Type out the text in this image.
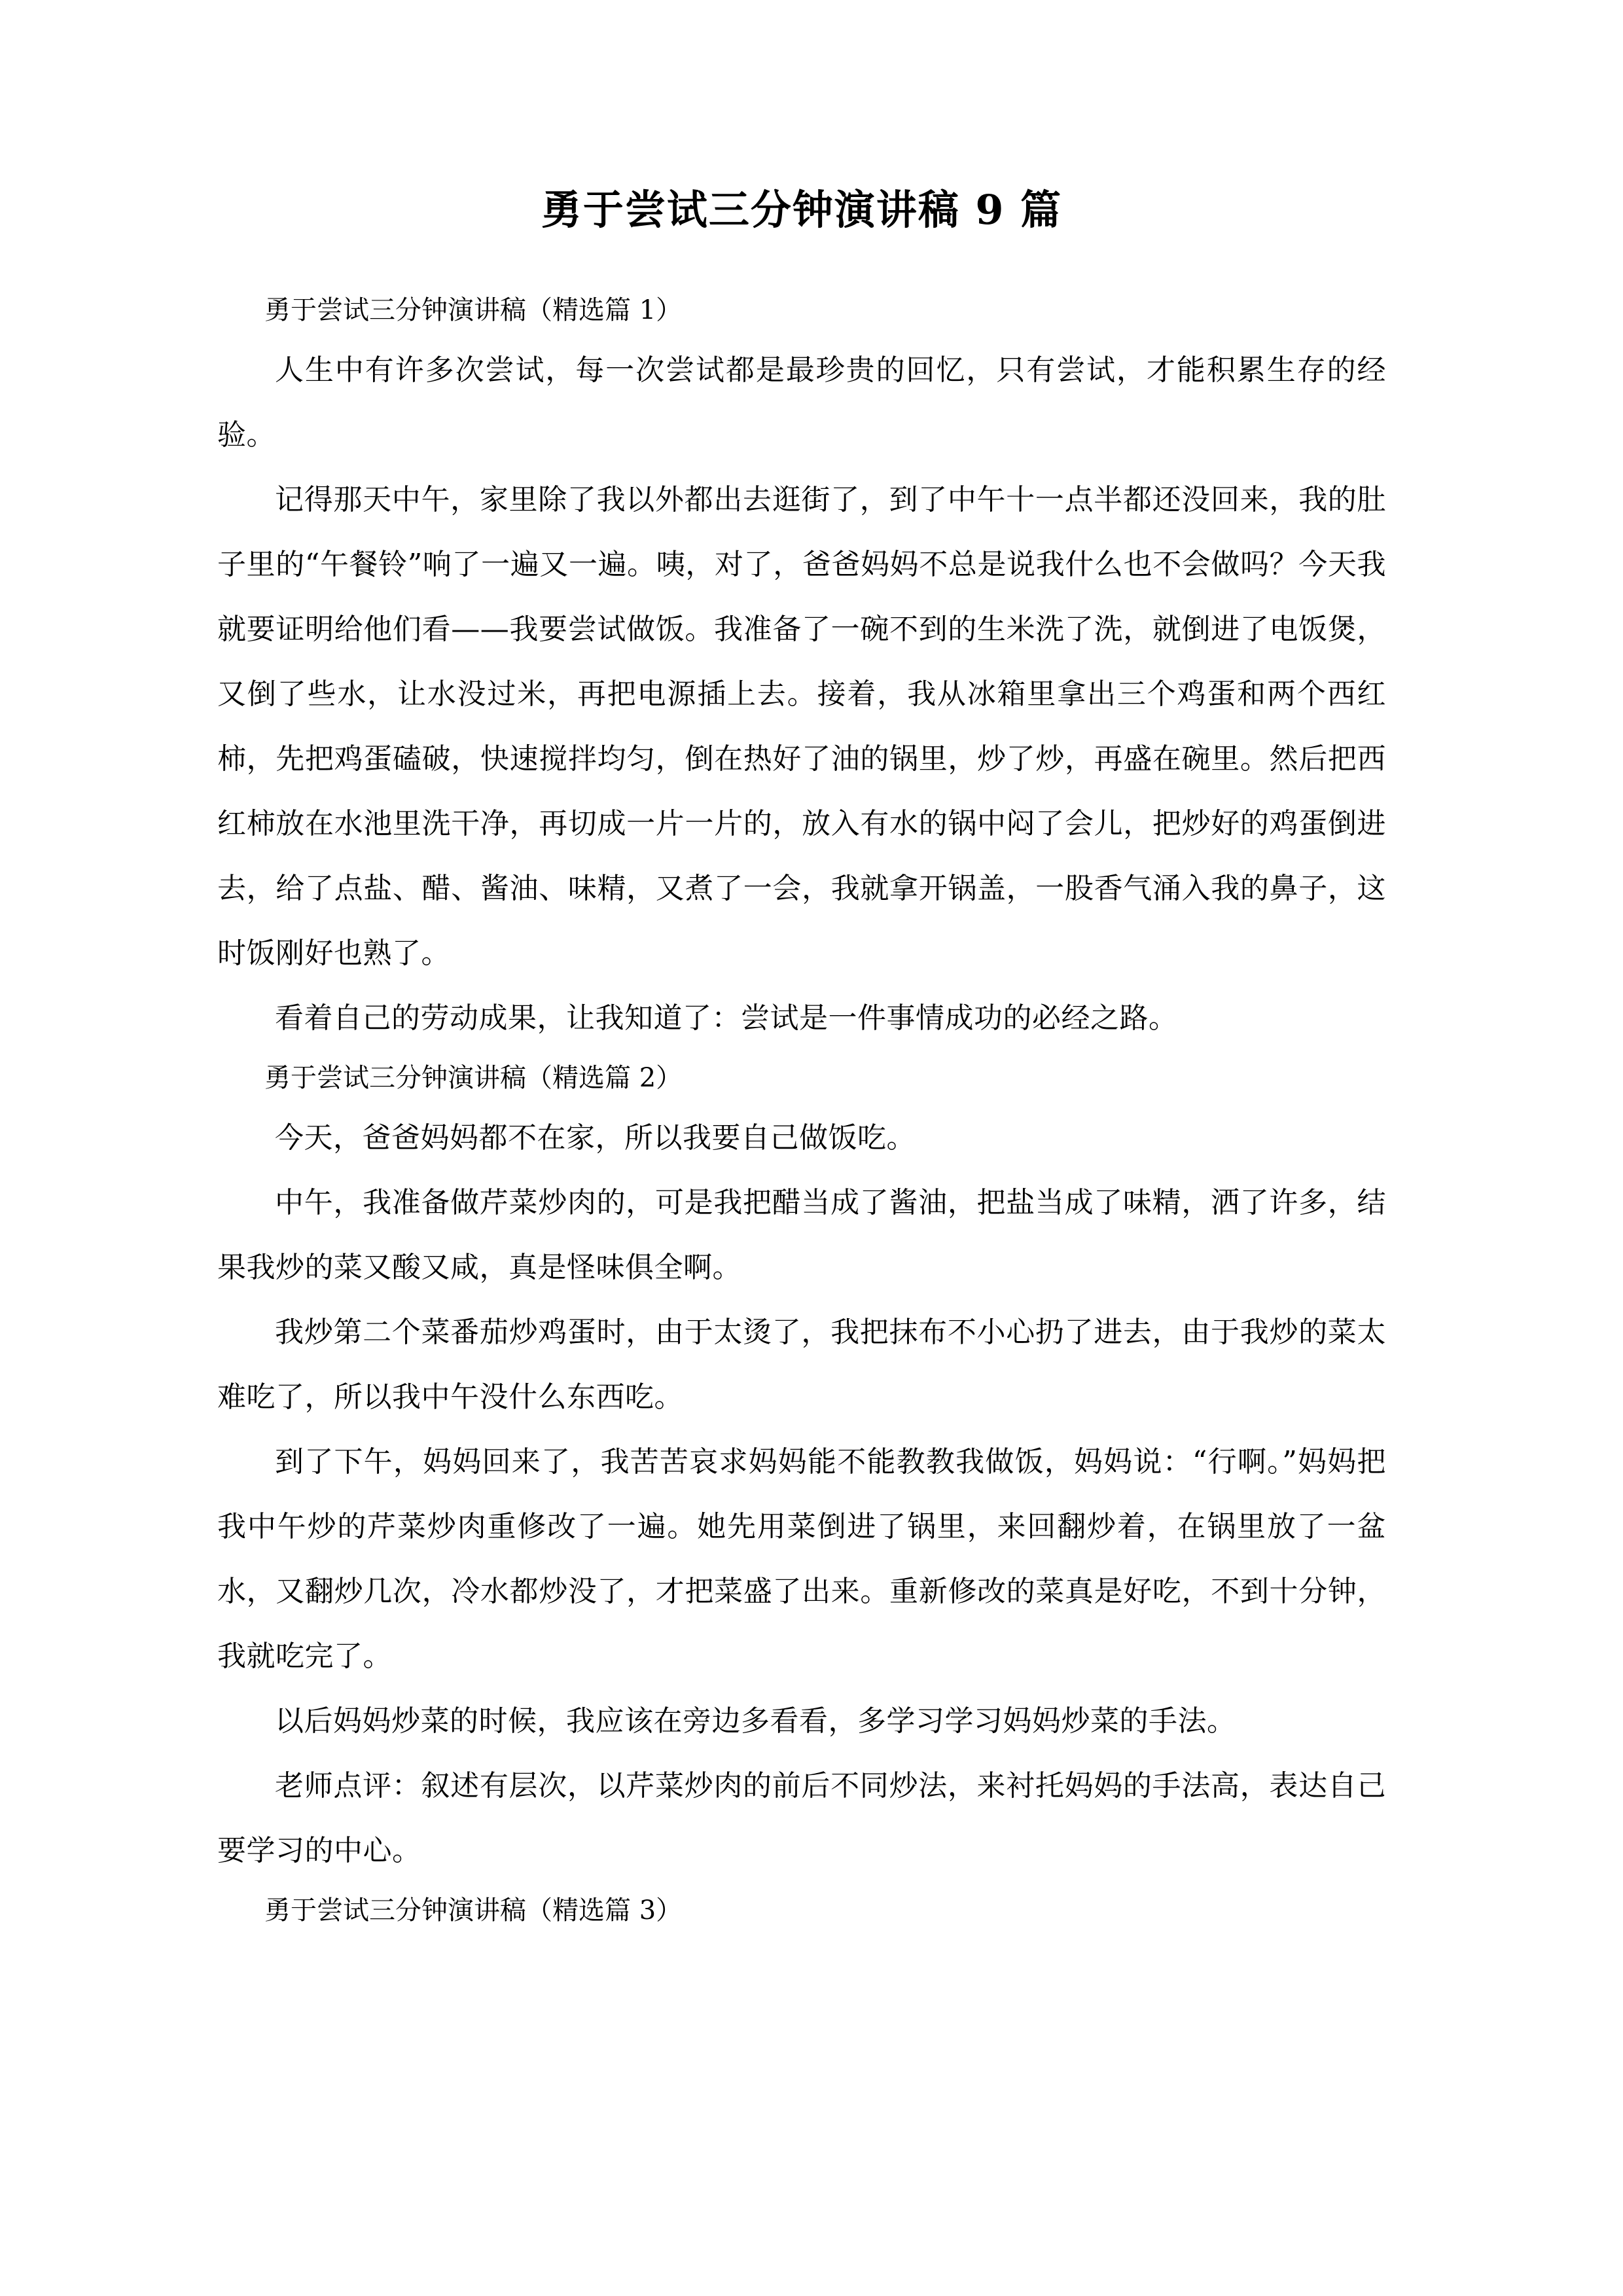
勇于尝试三分钟演讲稿 9 篇

勇于尝试三分钟演讲稿（精选篇 1）

人生中有许多次尝试，每一次尝试都是最珍贵的回忆，只有尝试，才能积累生存的经验。

记得那天中午，家里除了我以外都出去逛街了，到了中午十一点半都还没回来，我的肚子里的“午餐铃”响了一遍又一遍。咦，对了，爸爸妈妈不总是说我什么也不会做吗？今天我就要证明给他们看——我要尝试做饭。我准备了一碗不到的生米洗了洗，就倒进了电饭煲，又倒了些水，让水没过米，再把电源插上去。接着，我从冰箱里拿出三个鸡蛋和两个西红柿，先把鸡蛋磕破，快速搅拌均匀，倒在热好了油的锅里，炒了炒，再盛在碗里。然后把西红柿放在水池里洗干净，再切成一片一片的，放入有水的锅中闷了会儿，把炒好的鸡蛋倒进去，给了点盐、醋、酱油、味精，又煮了一会，我就拿开锅盖，一股香气涌入我的鼻子，这时饭刚好也熟了。

看着自己的劳动成果，让我知道了：尝试是一件事情成功的必经之路。

勇于尝试三分钟演讲稿（精选篇 2）

今天，爸爸妈妈都不在家，所以我要自己做饭吃。

中午，我准备做芹菜炒肉的，可是我把醋当成了酱油，把盐当成了味精，洒了许多，结果我炒的菜又酸又咸，真是怪味俱全啊。

我炒第二个菜番茄炒鸡蛋时，由于太烫了，我把抹布不小心扔了进去，由于我炒的菜太难吃了，所以我中午没什么东西吃。

到了下午，妈妈回来了，我苦苦哀求妈妈能不能教教我做饭，妈妈说：“行啊。”妈妈把我中午炒的芹菜炒肉重修改了一遍。她先用菜倒进了锅里，来回翻炒着，在锅里放了一盆水，又翻炒几次，冷水都炒没了，才把菜盛了出来。重新修改的菜真是好吃，不到十分钟，我就吃完了。

以后妈妈炒菜的时候，我应该在旁边多看看，多学习学习妈妈炒菜的手法。

老师点评：叙述有层次，以芹菜炒肉的前后不同炒法，来衬托妈妈的手法高，表达自己要学习的中心。

勇于尝试三分钟演讲稿（精选篇 3）
